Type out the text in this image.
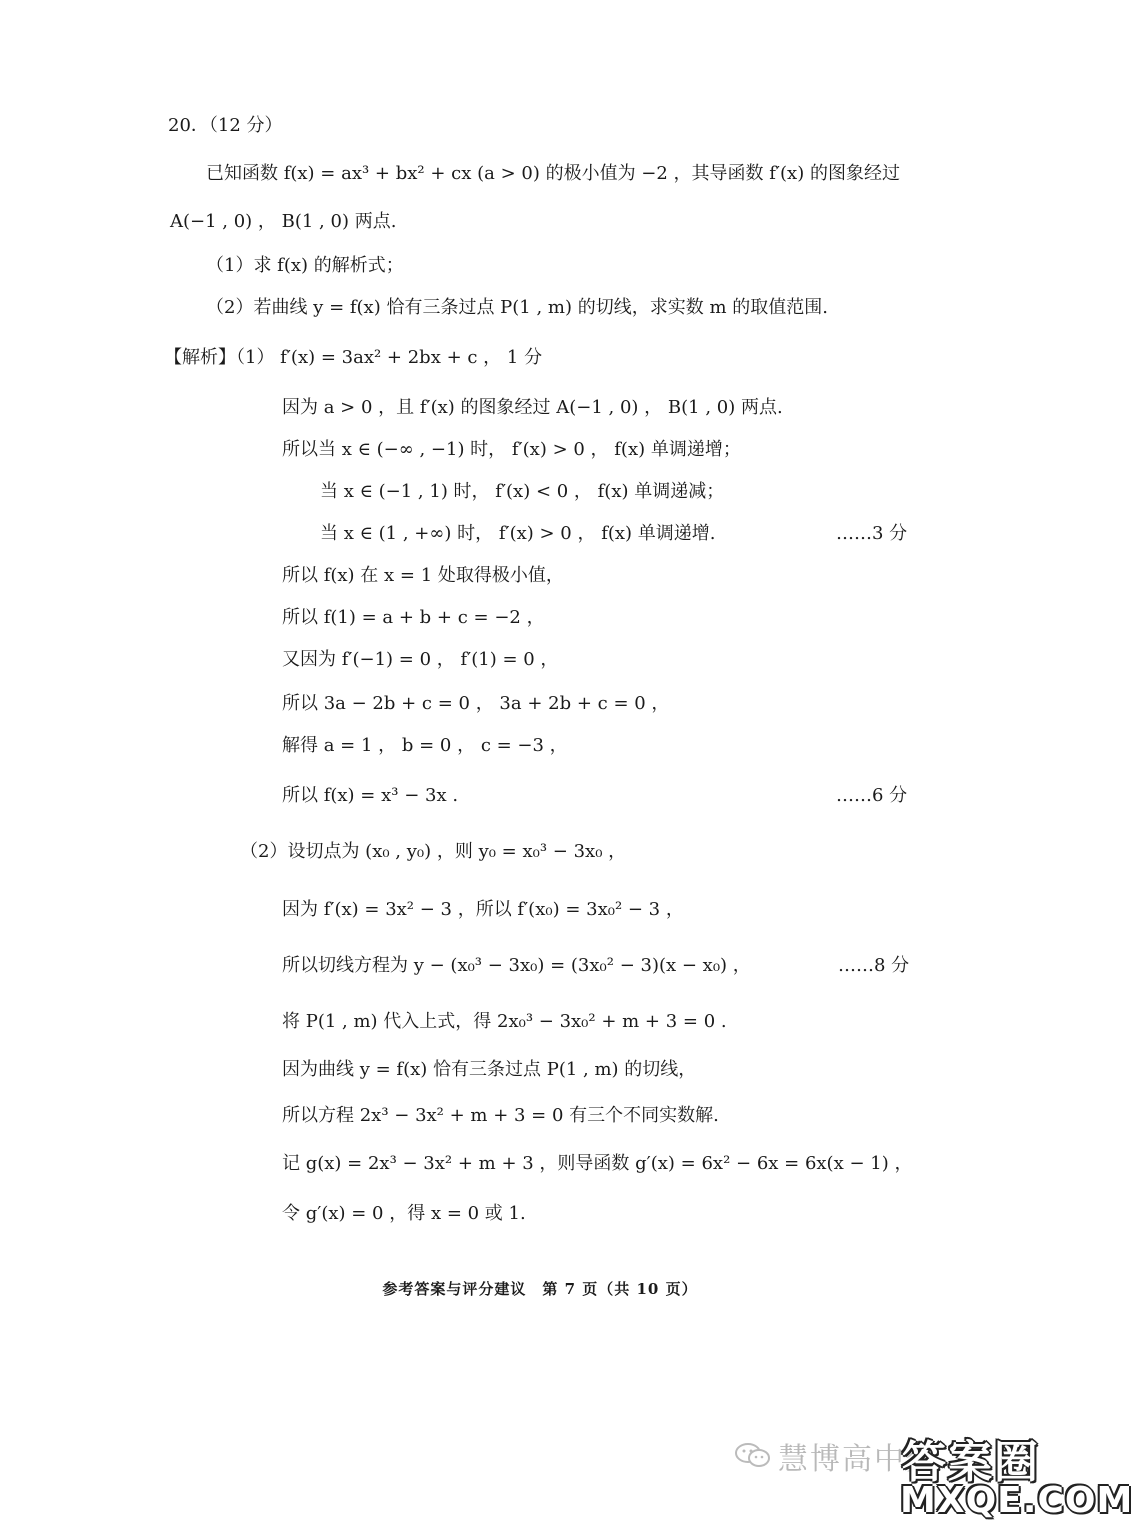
20．（12 分）
已知函数 f(x) = ax³ + bx² + cx (a > 0) 的极小值为 −2 ，其导函数 f′(x) 的图象经过
A(−1 , 0) ， B(1 , 0) 两点.
（1）求 f(x) 的解析式；
（2）若曲线 y = f(x) 恰有三条过点 P(1 , m) 的切线，求实数 m 的取值范围.
【解析】（1） f′(x) = 3ax² + 2bx + c ， 1 分
因为 a > 0 ，且 f′(x) 的图象经过 A(−1 , 0) ， B(1 , 0) 两点.
所以当 x ∈ (−∞ , −1) 时， f′(x) > 0 ， f(x) 单调递增；
当 x ∈ (−1 , 1) 时， f′(x) < 0 ， f(x) 单调递减；
当 x ∈ (1 , +∞) 时， f′(x) > 0 ， f(x) 单调递增.	……3 分
所以 f(x) 在 x = 1 处取得极小值，
所以 f(1) = a + b + c = −2 ，
又因为 f′(−1) = 0 ， f′(1) = 0 ，
所以 3a − 2b + c = 0 ， 3a + 2b + c = 0 ，
解得 a = 1 ， b = 0 ， c = −3 ，
所以 f(x) = x³ − 3x .	……6 分
（2）设切点为 (x₀ , y₀) ，则 y₀ = x₀³ − 3x₀ ，
因为 f′(x) = 3x² − 3 ，所以 f′(x₀) = 3x₀² − 3 ，
所以切线方程为 y − (x₀³ − 3x₀) = (3x₀² − 3)(x − x₀) ，	……8 分
将 P(1 , m) 代入上式，得 2x₀³ − 3x₀² + m + 3 = 0 .
因为曲线 y = f(x) 恰有三条过点 P(1 , m) 的切线，
所以方程 2x³ − 3x² + m + 3 = 0 有三个不同实数解.
记 g(x) = 2x³ − 3x² + m + 3 ，则导函数 g′(x) = 6x² − 6x = 6x(x − 1) ，
令 g′(x) = 0 ，得 x = 0 或 1.
参考答案与评分建议　第 7 页（共 10 页）
慧博高中数
答案圈
MXQE.COM
